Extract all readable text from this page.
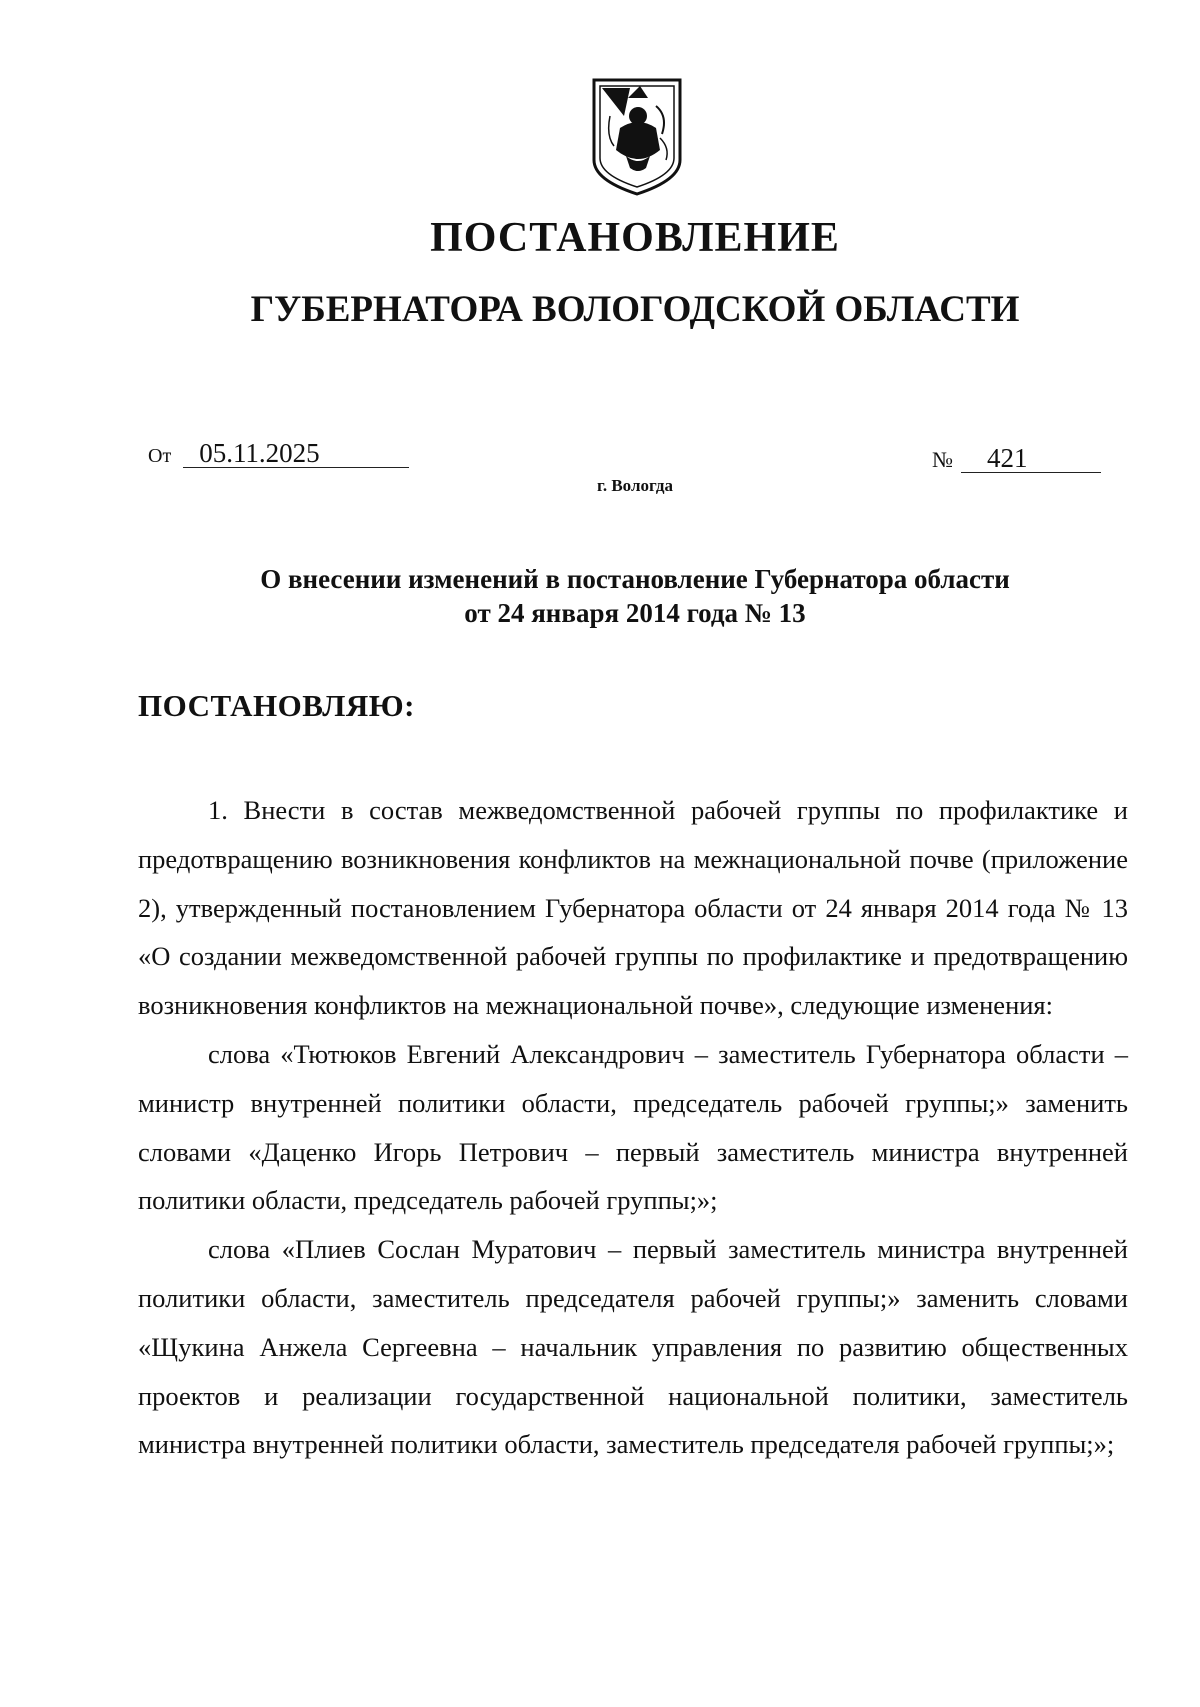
ПОСТАНОВЛЕНИЕ
ГУБЕРНАТОРА ВОЛОГОДСКОЙ ОБЛАСТИ
От 05.11.2025	№ 421
г. Вологда
О внесении изменений в постановление Губернатора области
от 24 января 2014 года № 13
ПОСТАНОВЛЯЮ:

1. Внести в состав межведомственной рабочей группы по профилактике и предотвращению возникновения конфликтов на межнациональной почве (приложение 2), утвержденный постановлением Губернатора области от 24 января 2014 года № 13 «О создании межведомственной рабочей группы по профилактике и предотвращению возникновения конфликтов на межнациональной почве», следующие изменения:

слова «Тютюков Евгений Александрович – заместитель Губернатора области – министр внутренней политики области, председатель рабочей группы;» заменить словами «Даценко Игорь Петрович – первый заместитель министра внутренней политики области, председатель рабочей группы;»;

слова «Плиев Сослан Муратович – первый заместитель министра внутренней политики области, заместитель председателя рабочей группы;» заменить словами «Щукина Анжела Сергеевна – начальник управления по развитию общественных проектов и реализации государственной национальной политики, заместитель министра внутренней политики области, заместитель председателя рабочей группы;»;
